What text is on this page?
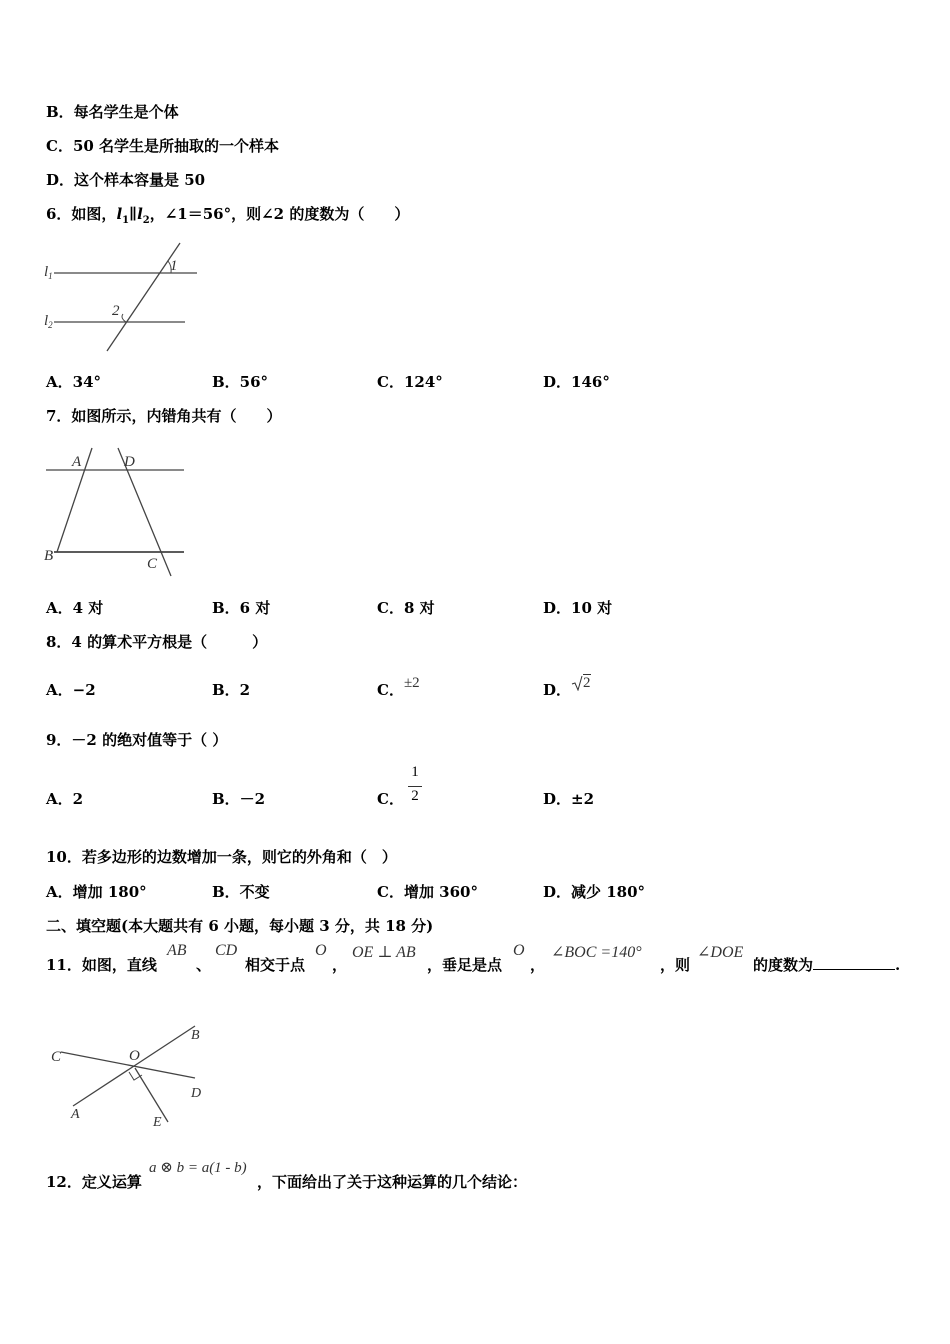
B．每名学生是个体
C．50 名学生是所抽取的一个样本
D．这个样本容量是 50
6．如图，$l_1\parallel l_2$，∠1＝56°，则∠2 的度数为（　　）
$l_1$
$l_2$
1
2
A．34°	B．56°	C．124°	D．146°
7．如图所示，内错角共有（　　）
A	D
B	C
A．4 对	B．6 对	C．8 对	D．10 对
8．4 的算术平方根是（　　　）
A．−2	B．2	C．±2	D． 2
9．－2 的绝对值等于（ ）
A．2	B．－2	C．
1
2	D．±2
10．若多边形的边数增加一条，则它的外角和（　）
A．增加 180°	B．不变	C．增加 360°	D．减少 180°
二、填空题(本大题共有 6 小题，每小题 3 分，共 18 分)
11．如图，直线
AB
、
CD
相交于点
O
，
OE ⊥ AB
，垂足是点
O
，
∠BOC =140°
，则
∠DOE
的度数为	.
B
C	O
D
A
E
12．定义运算
a ⊗ b = a(1 - b)
，下面给出了关于这种运算的几个结论：
